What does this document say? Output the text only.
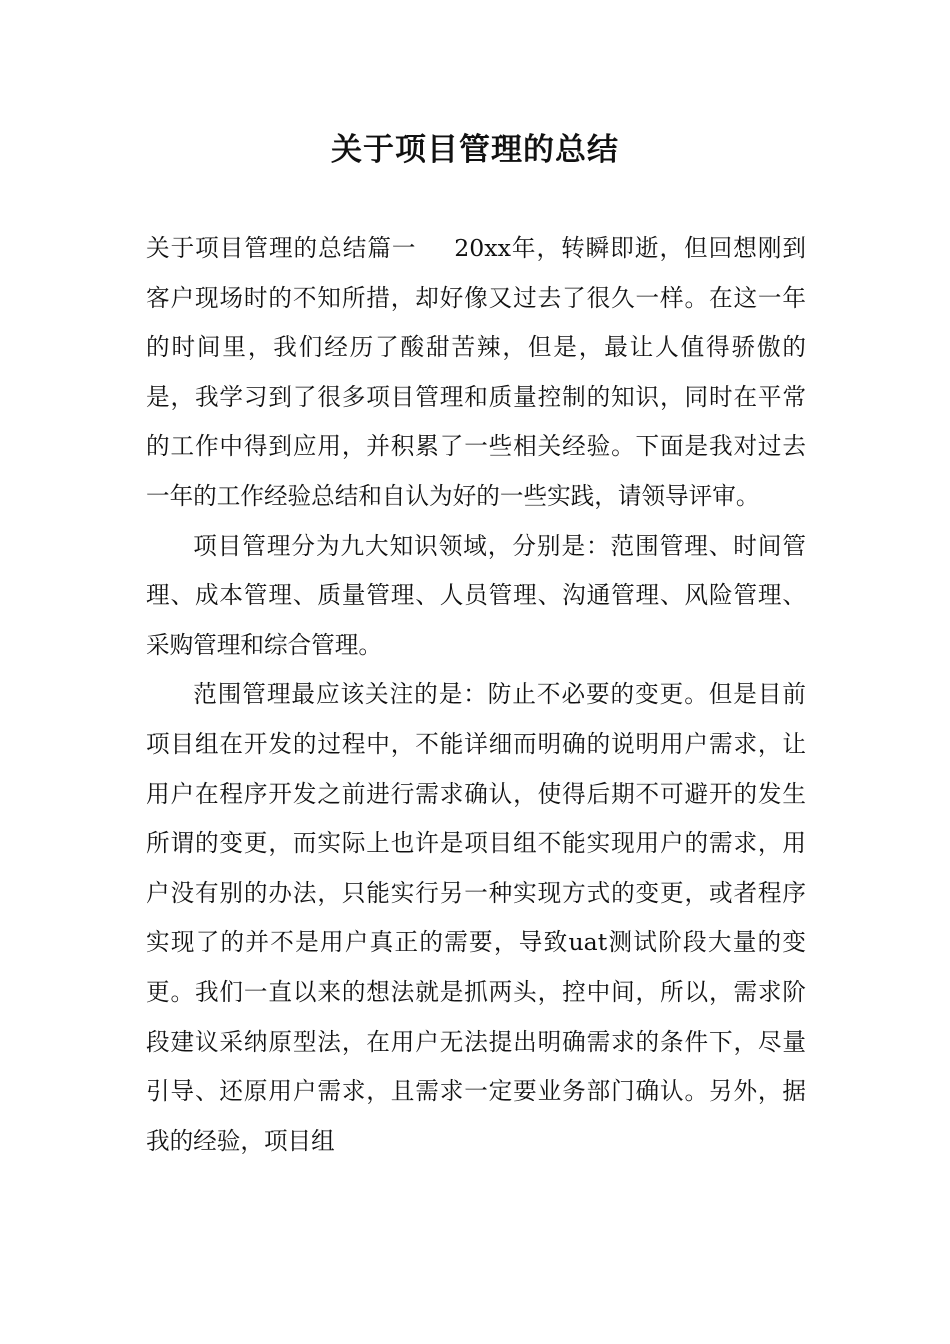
关于项目管理的总结

关于项目管理的总结篇一 20xx年，转瞬即逝，但回想刚到客户现场时的不知所措，却好像又过去了很久一样。在这一年的时间里，我们经历了酸甜苦辣，但是，最让人值得骄傲的是，我学习到了很多项目管理和质量控制的知识，同时在平常的工作中得到应用，并积累了一些相关经验。下面是我对过去一年的工作经验总结和自认为好的一些实践，请领导评审。

项目管理分为九大知识领域，分别是：范围管理、时间管理、成本管理、质量管理、人员管理、沟通管理、风险管理、采购管理和综合管理。

范围管理最应该关注的是：防止不必要的变更。但是目前项目组在开发的过程中，不能详细而明确的说明用户需求，让用户在程序开发之前进行需求确认，使得后期不可避开的发生所谓的变更，而实际上也许是项目组不能实现用户的需求，用户没有别的办法，只能实行另一种实现方式的变更，或者程序实现了的并不是用户真正的需要，导致uat测试阶段大量的变更。我们一直以来的想法就是抓两头，控中间，所以，需求阶段建议采纳原型法，在用户无法提出明确需求的条件下，尽量引导、还原用户需求，且需求一定要业务部门确认。另外，据我的经验，项目组
